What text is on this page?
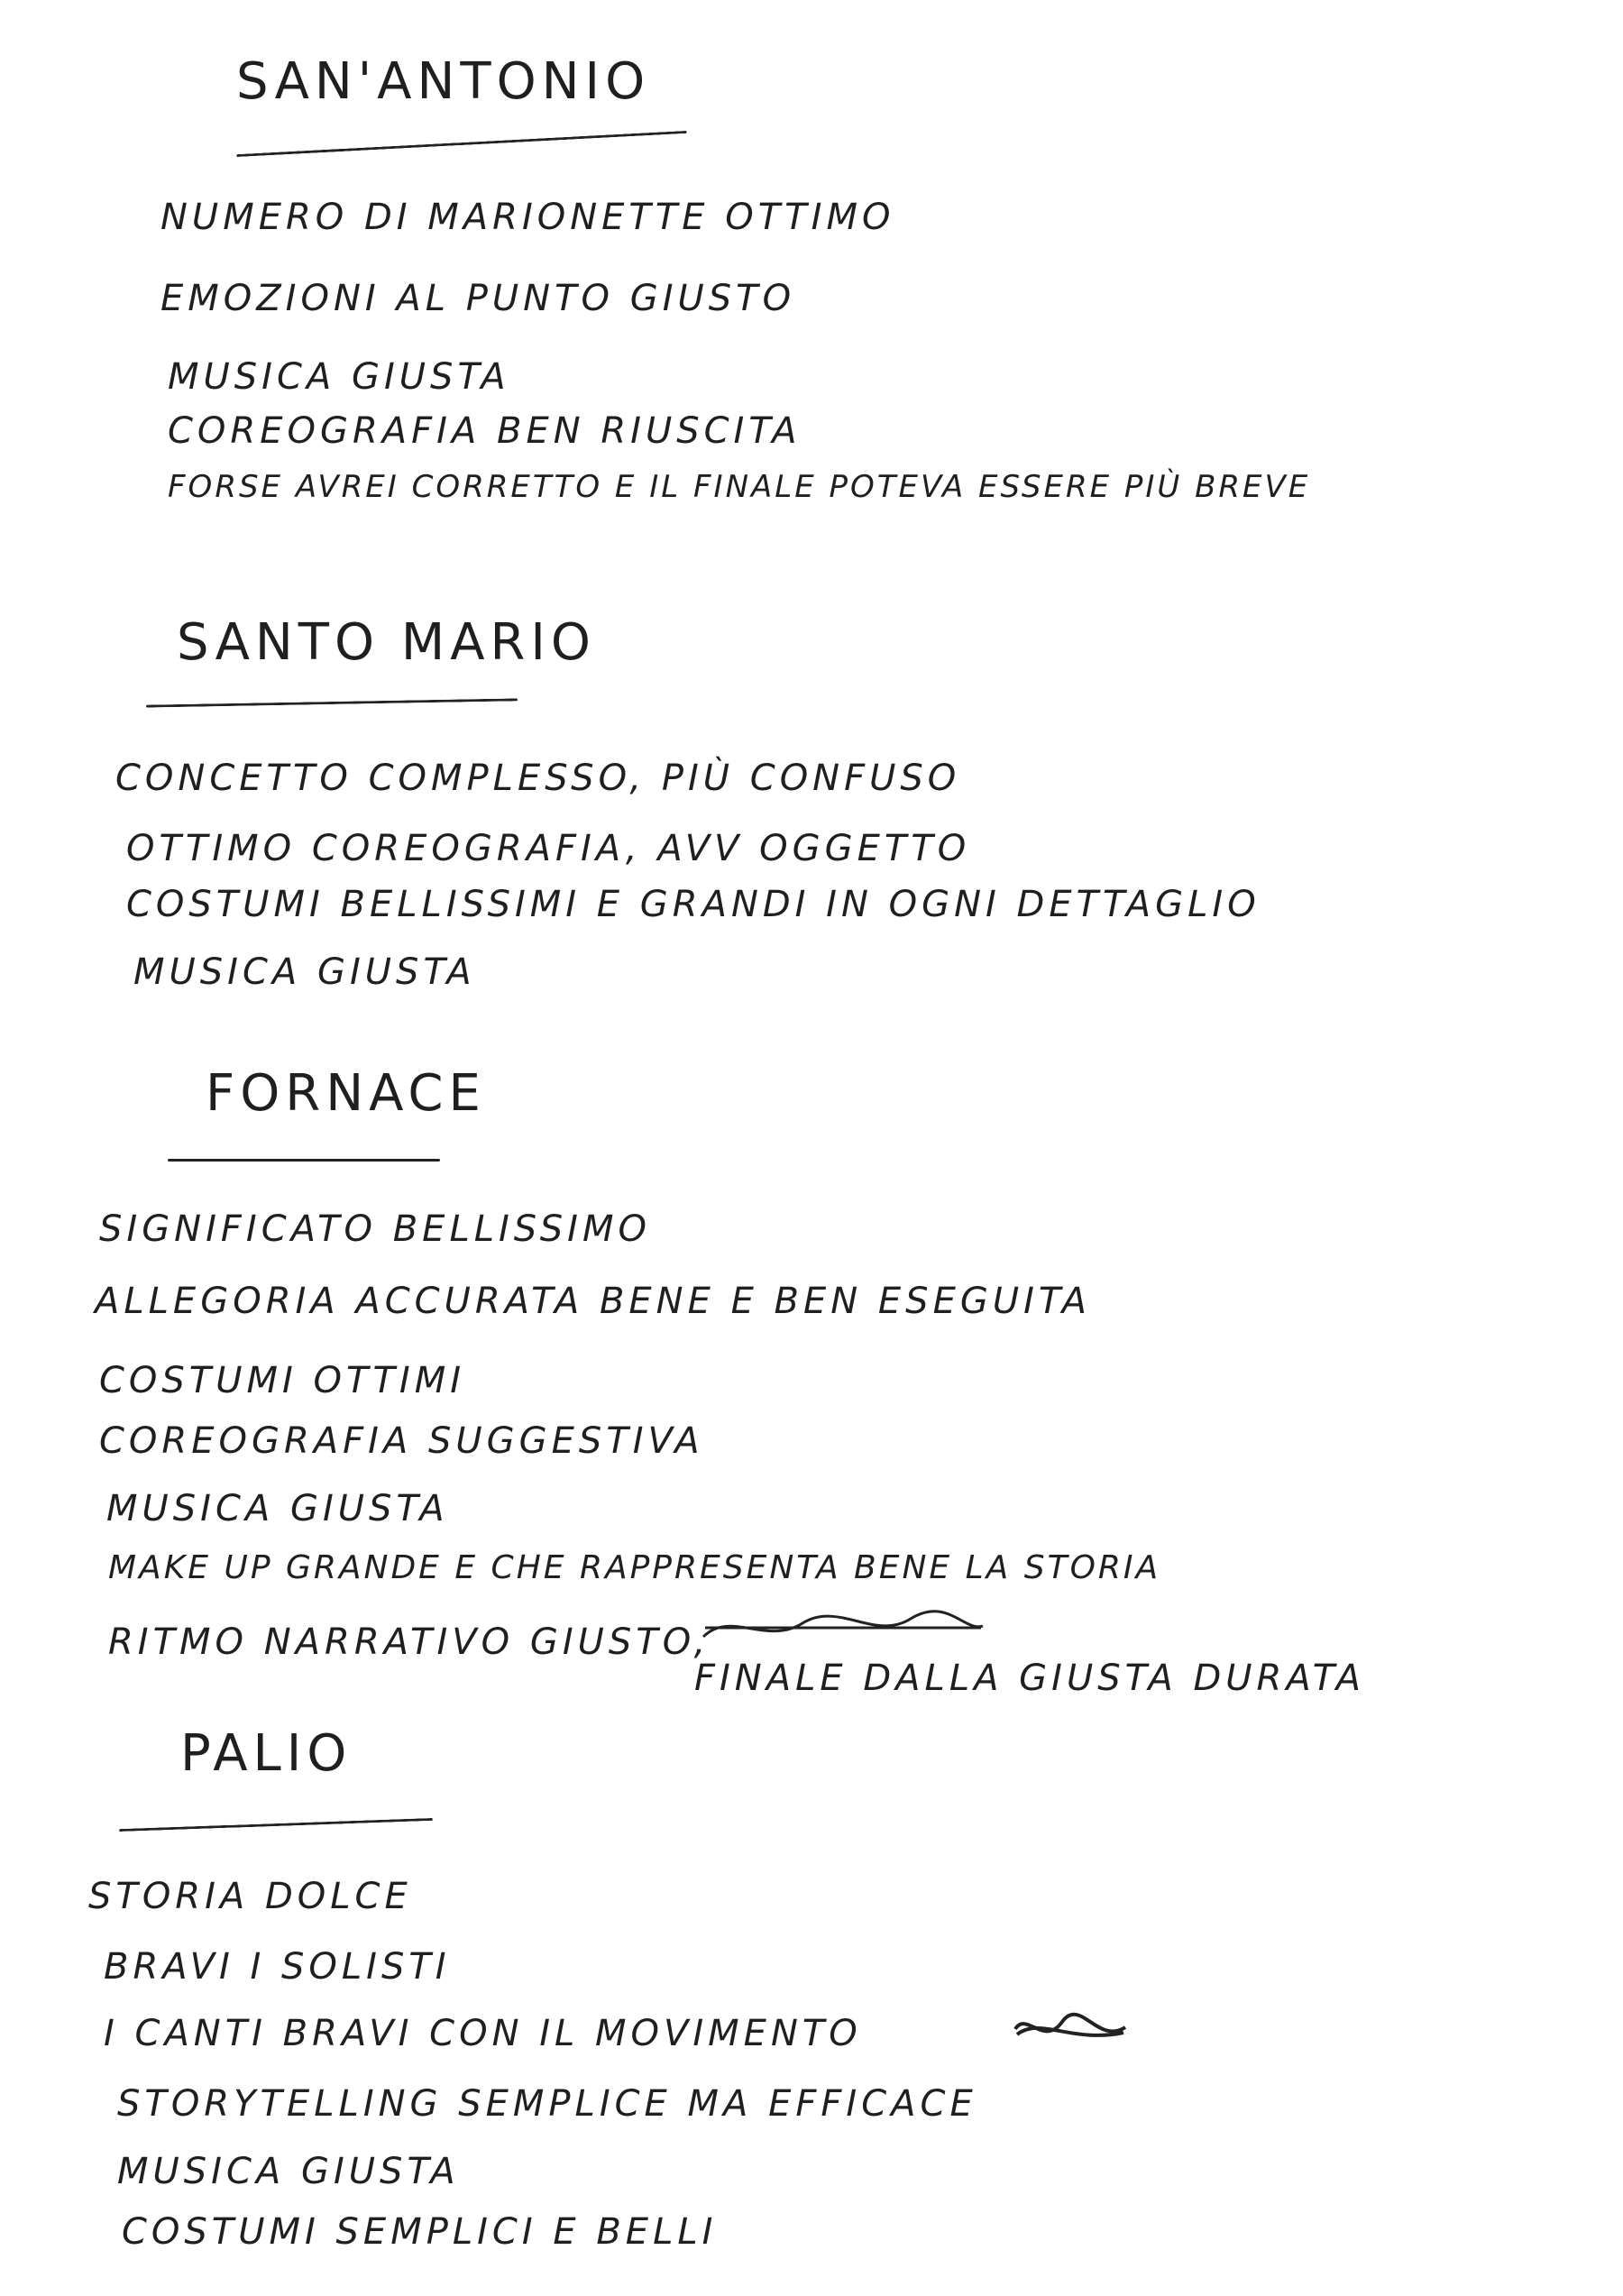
SAN'ANTONIO
NUMERO DI MARIONETTE OTTIMO
EMOZIONI AL PUNTO GIUSTO
MUSICA GIUSTA
COREOGRAFIA BEN RIUSCITA
FORSE AVREI CORRETTO E IL FINALE POTEVA ESSERE PIÙ BREVE
SANTO MARIO
CONCETTO COMPLESSO, PIÙ CONFUSO
OTTIMO COREOGRAFIA, AVV OGGETTO
COSTUMI BELLISSIMI E GRANDI IN OGNI DETTAGLIO
MUSICA GIUSTA
FORNACE
SIGNIFICATO BELLISSIMO
ALLEGORIA ACCURATA BENE E BEN ESEGUITA
COSTUMI OTTIMI
COREOGRAFIA SUGGESTIVA
MUSICA GIUSTA
MAKE UP GRANDE E CHE RAPPRESENTA BENE LA STORIA
RITMO NARRATIVO GIUSTO,
FINALE DALLA GIUSTA DURATA
PALIO
STORIA DOLCE
BRAVI I SOLISTI
I CANTI BRAVI CON IL MOVIMENTO
STORYTELLING SEMPLICE MA EFFICACE
MUSICA GIUSTA
COSTUMI SEMPLICI E BELLI
